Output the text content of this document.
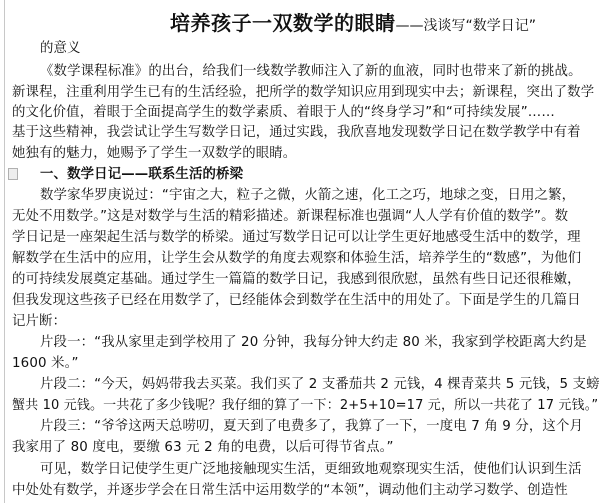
培养孩子一双数学的眼睛——浅谈写“数学日记”
的意义
《数学课程标准》的出台，给我们一线数学教师注入了新的血液，同时也带来了新的挑战。
新课程，注重利用学生已有的生活经验，把所学的数学知识应用到现实中去；新课程，突出了数学
的文化价值，着眼于全面提高学生的数学素质、着眼于人的“终身学习”和“可持续发展”……
基于这些精神，我尝试让学生写数学日记，通过实践，我欣喜地发现数学日记在数学教学中有着
她独有的魅力，她赐予了学生一双数学的眼睛。
一、数学日记——联系生活的桥梁
数学家华罗庚说过：“宇宙之大，粒子之微，火箭之速，化工之巧，地球之变，日用之繁，
无处不用数学。”这是对数学与生活的精彩描述。新课程标准也强调“人人学有价值的数学”。数
学日记是一座架起生活与数学的桥梁。通过写数学日记可以让学生更好地感受生活中的数学，理
解数学在生活中的应用，让学生会从数学的角度去观察和体验生活，培养学生的“数感”，为他们
的可持续发展奠定基础。通过学生一篇篇的数学日记，我感到很欣慰，虽然有些日记还很稚嫩，
但我发现这些孩子已经在用数学了，已经能体会到数学在生活中的用处了。下面是学生的几篇日
记片断：
片段一：“我从家里走到学校用了 20 分钟，我每分钟大约走 80 米，我家到学校距离大约是
1600 米。”
片段二：“今天，妈妈带我去买菜。我们买了 2 支番茄共 2 元钱，4 棵青菜共 5 元钱，5 支螃
蟹共 10 元钱。一共花了多少钱呢？我仔细的算了一下：2+5+10=17 元，所以一共花了 17 元钱。”
片段三：“爷爷这两天总唠叨，夏天到了电费多了，我算了一下，一度电 7 角 9 分，这个月
我家用了 80 度电，要缴 63 元 2 角的电费，以后可得节省点。”
可见，数学日记使学生更广泛地接触现实生活，更细致地观察现实生活，使他们认识到生活
中处处有数学，并逐步学会在日常生活中运用数学的“本领”，调动他们主动学习数学、创造性
